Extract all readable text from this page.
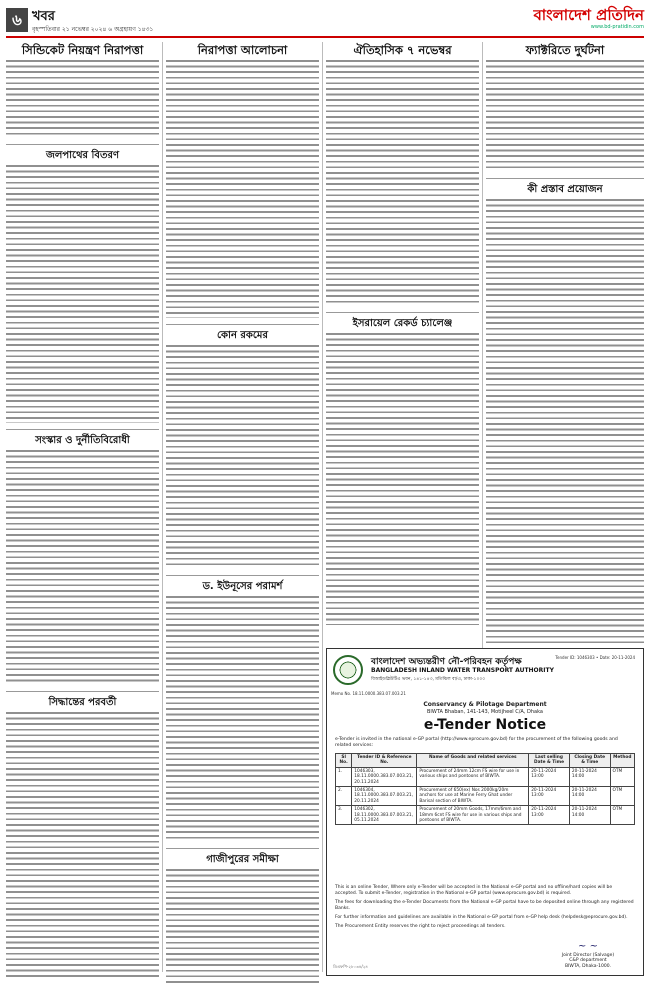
৬ খবর
বৃহস্পতিবার ২১ নভেম্বর ২০২৪ ৬ অগ্রহায়ণ ১৪৩১
বাংলাদেশ প্রতিদিন
www.bd-pratidin.com
সিন্ডিকেট নিয়ন্ত্রণ নিরাপত্তা
জলপাথের বিতরণ
সংস্কার ও দুর্নীতিবিরোধী
সিদ্ধান্তের পরবর্তী
নিরাপত্তা আলোচনা
কোন রকমের
ড. ইউনূসের পরামর্শ
গাজীপুরের সমীক্ষা
ঐতিহাসিক ৭ নভেম্বর
ইসরায়েল রেকর্ড চ্যালেঞ্জ
ফ্যাক্টরিতে দুর্ঘটনা
কী প্রস্তাব প্রয়োজন
বাংলাদেশ অভ্যন্তরীণ নৌ-পরিবহন কর্তৃপক্ষ
BANGLADESH INLAND WATER TRANSPORT AUTHORITY
বিআইডব্লিউটিএ ভবন, ১৪১-১৪৩, মতিঝিল বা/এ, ঢাকা-১০০০
Tender ID: 1046303 • Date: 20-11-2024
Memo No. 18.11.0000.383.07.003.21
Conservancy & Pilotage Department
BIWTA Bhaban, 141-143, Motijheel C/A, Dhaka
e-Tender Notice
e-Tender is invited in the national e-GP portal (http://www.eprocure.gov.bd) for the procurement of the following goods and related services:
Sl No.	Tender ID & Reference No.	Name of Goods and related services	Last selling Date & Time	Closing Date & Time	Method
1.	1046303, 18.11.0000.383.07.003.21, 20.11.2024	Procurement of 24mm 12cm FS wire for use in various ships and pontoons of BIWTA.	20-11-2024 13:00	20-11-2024 14:00	OTM
2.	1046304, 18.11.0000.383.07.003.21, 20.11.2024	Procurement of 650(ex) Nos 2000kg/20m anchors for use at Marine Ferry Ghat under Barisal section of BIWTA.	20-11-2024 13:00	20-11-2024 14:00	OTM
3.	1046302, 18.11.0000.383.07.003.21, 05.11.2024	Procurement of 20mm Goods, 17mm/6mm and 18mm 6cnt FS wire for use in various ships and pontoons of BIWTA.	20-11-2024 13:00	20-11-2024 14:00	OTM

This is an online Tender, Where only e-Tender will be accepted in the National e-GP portal and no offline/hard copies will be accepted. To submit e-Tender, registration in the National e-GP portal (www.eprocure.gov.bd) is required.

The fees for downloading the e-Tender Documents from the National e-GP portal have to be deposited online through any registered Banks.

For further information and guidelines are available in the National e-GP portal from e-GP help desk (helpdesk@eprocure.gov.bd).

The Procurement Entity reserves the right to reject proceedings all tenders.

~ ~
Joint Director (Salvage)
C&P department
BIWTA, Dhaka-1000.
ডিএফপি-২৮০৩৪/২৪
